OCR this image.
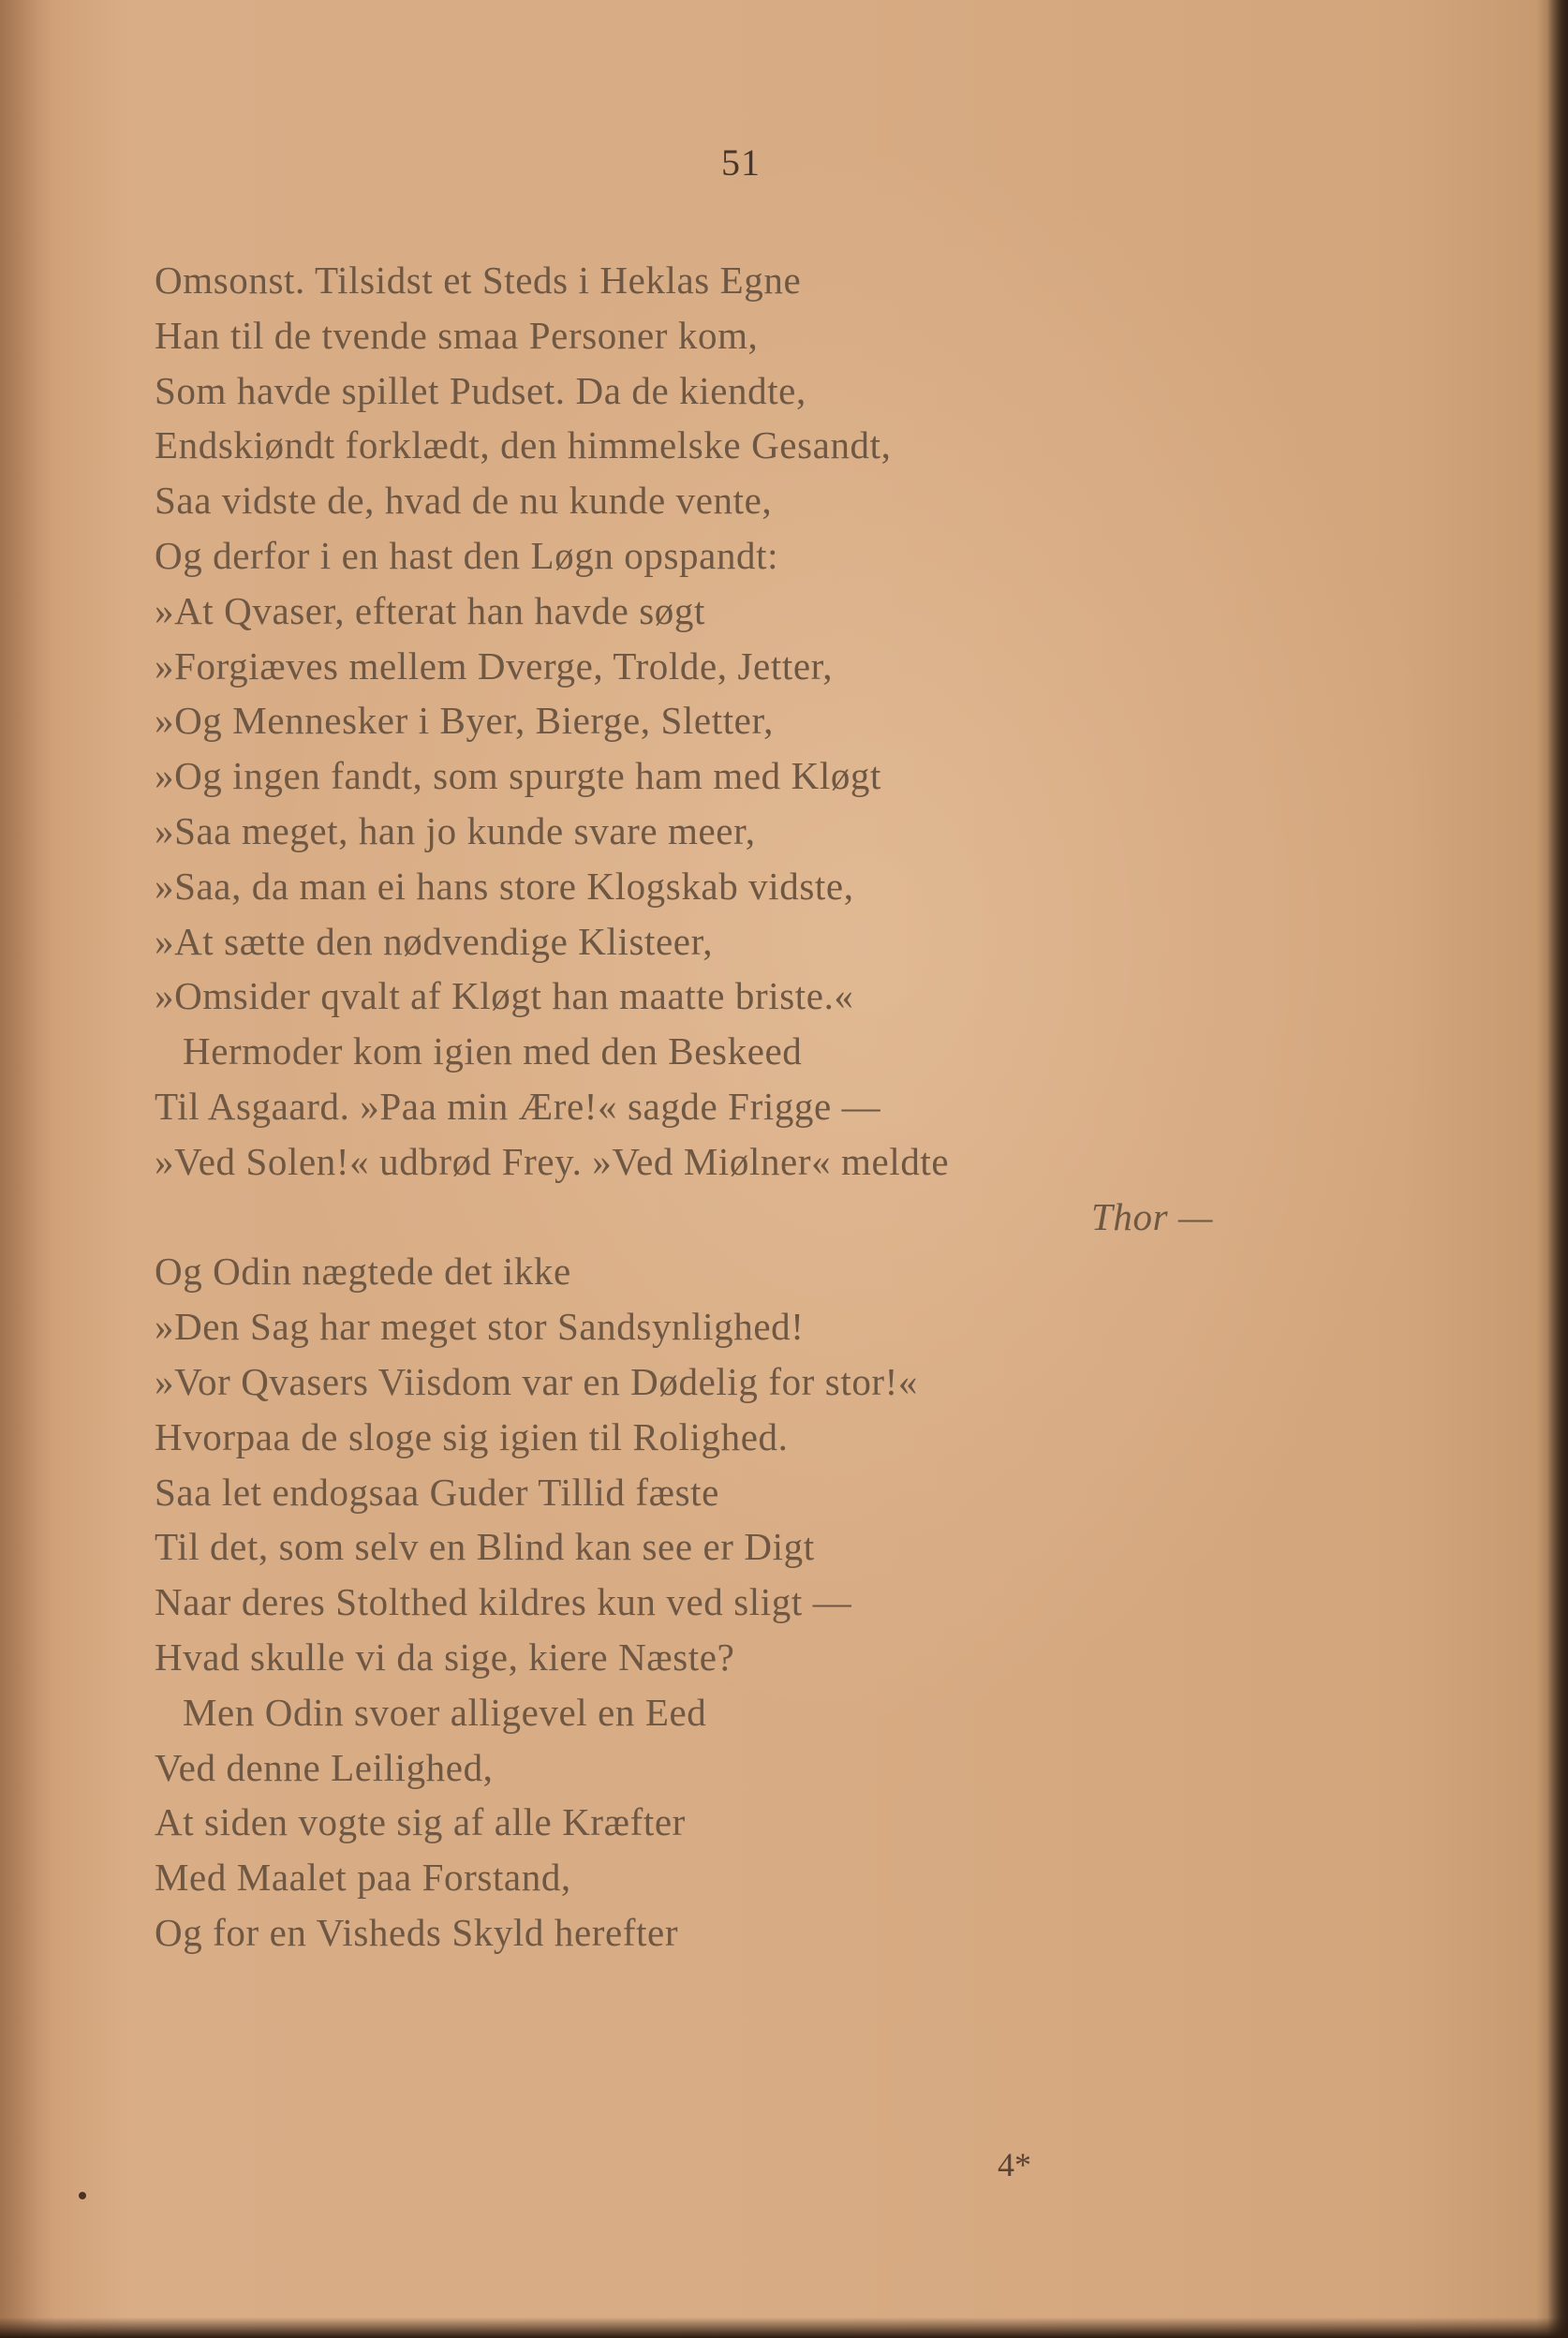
51
Omsonst. Tilsidst et Steds i Heklas Egne
Han til de tvende smaa Personer kom,
Som havde spillet Pudset. Da de kiendte,
Endskiøndt forklædt, den himmelske Gesandt,
Saa vidste de, hvad de nu kunde vente,
Og derfor i en hast den Løgn opspandt:
»At Qvaser, efterat han havde søgt
»Forgiæves mellem Dverge, Trolde, Jetter,
»Og Mennesker i Byer, Bierge, Sletter,
»Og ingen fandt, som spurgte ham med Kløgt
»Saa meget, han jo kunde svare meer,
»Saa, da man ei hans store Klogskab vidste,
»At sætte den nødvendige Klisteer,
»Omsider qvalt af Kløgt han maatte briste.«
Hermoder kom igien med den Beskeed
Til Asgaard. »Paa min Ære!« sagde Frigge —
»Ved Solen!« udbrød Frey. »Ved Miølner« meldte
Thor —
Og Odin nægtede det ikke
»Den Sag har meget stor Sandsynlighed!
»Vor Qvasers Viisdom var en Dødelig for stor!«
Hvorpaa de sloge sig igien til Rolighed.
Saa let endogsaa Guder Tillid fæste
Til det, som selv en Blind kan see er Digt
Naar deres Stolthed kildres kun ved sligt —
Hvad skulle vi da sige, kiere Næste?
Men Odin svoer alligevel en Eed
Ved denne Leilighed,
At siden vogte sig af alle Kræfter
Med Maalet paa Forstand,
Og for en Visheds Skyld herefter
4*
